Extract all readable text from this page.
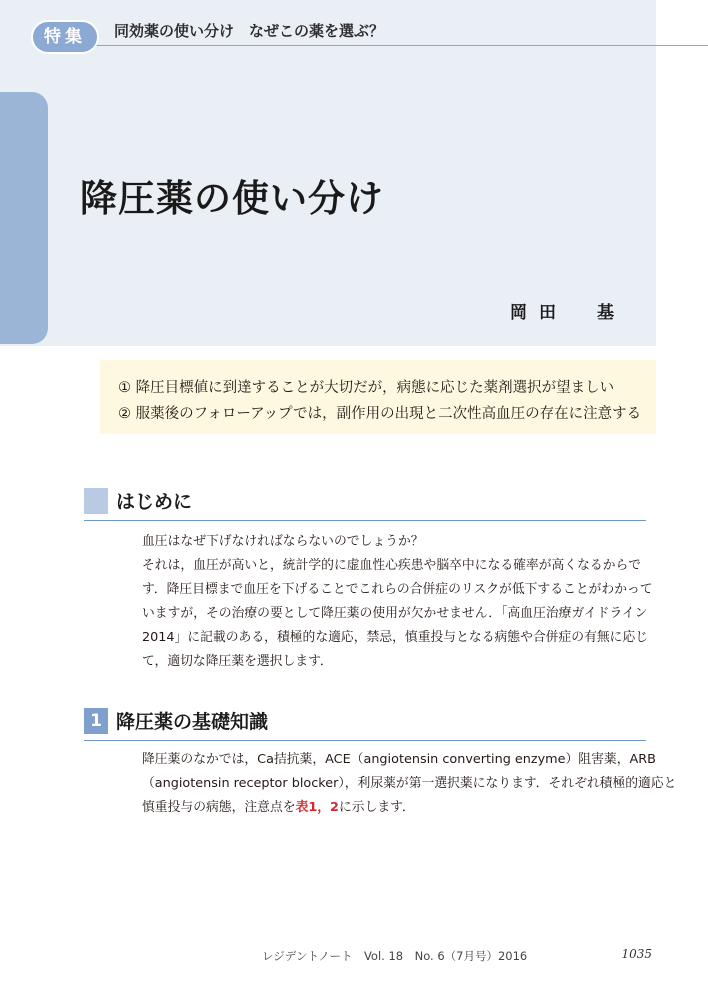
特集	同効薬の使い分け　なぜこの薬を選ぶ？
降圧薬の使い分け
岡田　基
① 降圧目標値に到達することが大切だが，病態に応じた薬剤選択が望ましい
② 服薬後のフォローアップでは，副作用の出現と二次性高血圧の存在に注意する
はじめに
血圧はなぜ下げなければならないのでしょうか？
それは，血圧が高いと，統計学的に虚血性心疾患や脳卒中になる確率が高くなるからで
す．降圧目標まで血圧を下げることでこれらの合併症のリスクが低下することがわかって
いますが，その治療の要として降圧薬の使用が欠かせません．「高血圧治療ガイドライン
2014」に記載のある，積極的な適応，禁忌，慎重投与となる病態や合併症の有無に応じ
て，適切な降圧薬を選択します．
1 降圧薬の基礎知識
降圧薬のなかでは，Ca拮抗薬，ACE（angiotensin converting enzyme）阻害薬，ARB
（angiotensin receptor blocker），利尿薬が第一選択薬になります．それぞれ積極的適応と
慎重投与の病態，注意点を表1，2に示します．
レジデントノート　Vol. 18　No. 6（7月号）2016	1035
